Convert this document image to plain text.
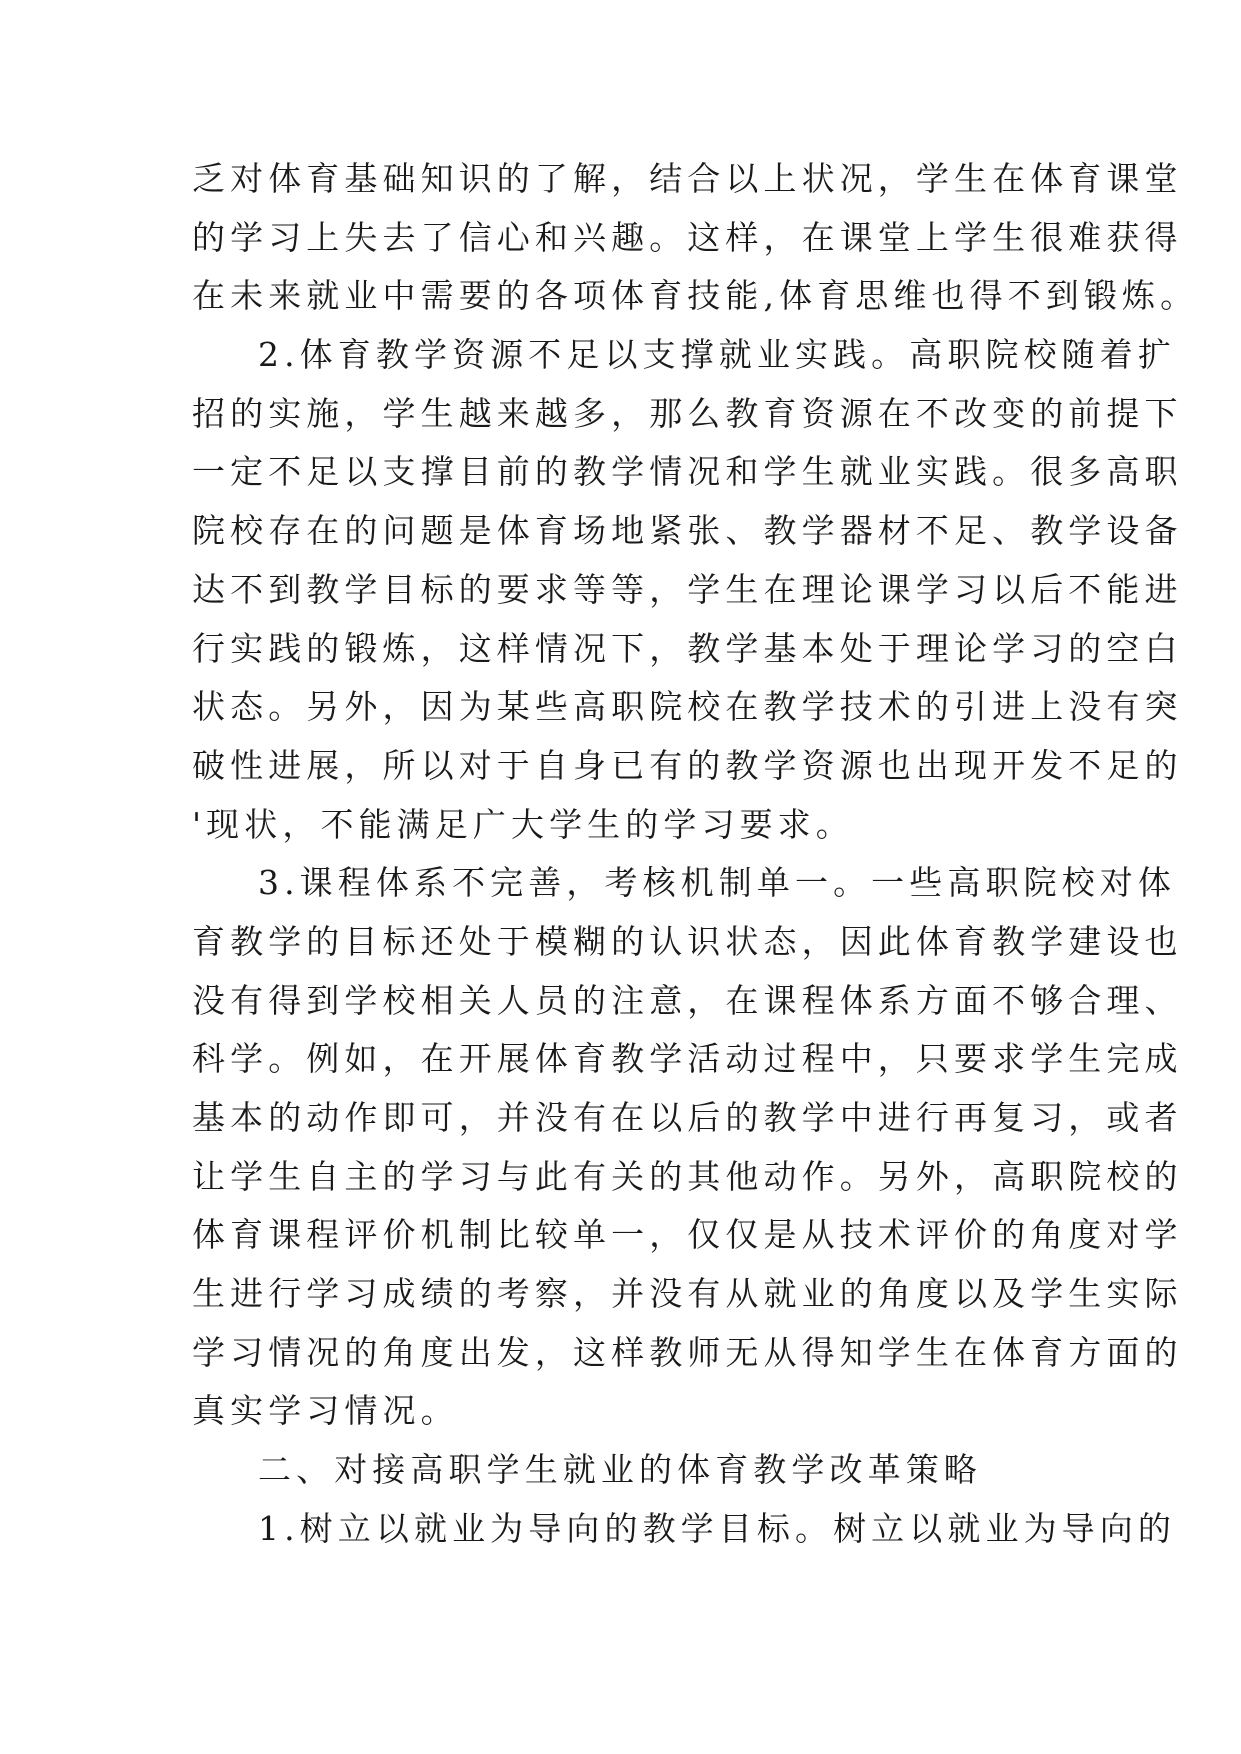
乏对体育基础知识的了解，结合以上状况，学生在体育课堂
的学习上失去了信心和兴趣。这样，在课堂上学生很难获得
在未来就业中需要的各项体育技能,体育思维也得不到锻炼。
2.体育教学资源不足以支撑就业实践。高职院校随着扩
招的实施，学生越来越多，那么教育资源在不改变的前提下
一定不足以支撑目前的教学情况和学生就业实践。很多高职
院校存在的问题是体育场地紧张、教学器材不足、教学设备
达不到教学目标的要求等等，学生在理论课学习以后不能进
行实践的锻炼，这样情况下，教学基本处于理论学习的空白
状态。另外，因为某些高职院校在教学技术的引进上没有突
破性进展，所以对于自身已有的教学资源也出现开发不足的
'现状，不能满足广大学生的学习要求。
3.课程体系不完善，考核机制单一。一些高职院校对体
育教学的目标还处于模糊的认识状态，因此体育教学建设也
没有得到学校相关人员的注意，在课程体系方面不够合理、
科学。例如，在开展体育教学活动过程中，只要求学生完成
基本的动作即可，并没有在以后的教学中进行再复习，或者
让学生自主的学习与此有关的其他动作。另外，高职院校的
体育课程评价机制比较单一，仅仅是从技术评价的角度对学
生进行学习成绩的考察，并没有从就业的角度以及学生实际
学习情况的角度出发，这样教师无从得知学生在体育方面的
真实学习情况。
二、对接高职学生就业的体育教学改革策略
1.树立以就业为导向的教学目标。树立以就业为导向的
